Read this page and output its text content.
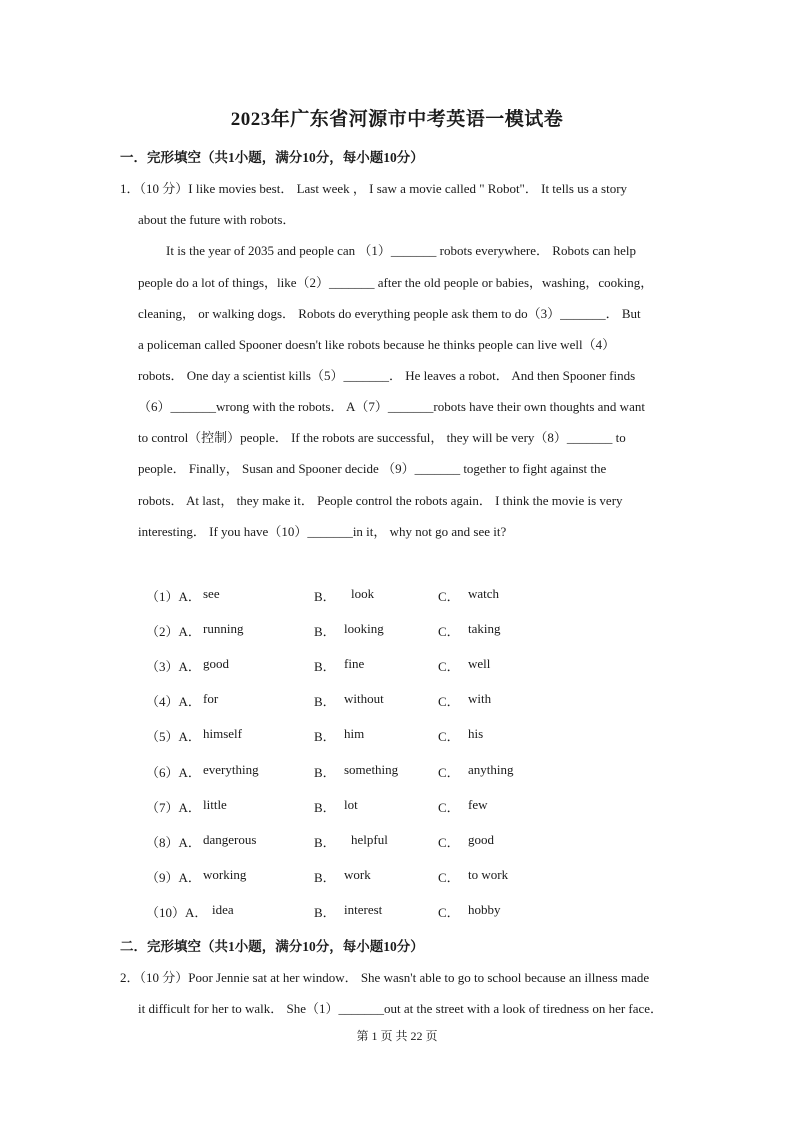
2023年广东省河源市中考英语一模试卷
一．完形填空（共1小题，满分10分，每小题10分）
1．（10 分）I like movies best． Last week ， I saw a movie called " Robot"． It tells us a story
about the future with robots．
It is the year of 2035 and people can （1）_______ robots everywhere． Robots can help
people do a lot of things，like（2）_______ after the old people or babies，washing，cooking，
cleaning， or walking dogs． Robots do everything people ask them to do（3）_______． But
a policeman called Spooner doesn't like robots because he thinks people can live well（4）
robots． One day a scientist kills（5）_______． He leaves a robot． And then Spooner finds
（6）_______wrong with the robots． A（7）_______robots have their own thoughts and want
to control（控制）people． If the robots are successful， they will be very（8）_______ to
people． Finally， Susan and Spooner decide （9）_______ together to fight against the
robots． At last， they make it． People control the robots again． I think the movie is very
interesting． If you have（10）_______in it， why not go and see it?
（1）A． see	B． look	C． watch
（2）A． running	B． looking	C． taking
（3）A． good	B． fine	C． well
（4）A． for	B． without	C． with
（5）A． himself	B． him	C． his
（6）A． everything	B． something	C． anything
（7）A． little	B． lot	C． few
（8）A． dangerous	B． helpful	C． good
（9）A． working	B． work	C． to work
（10）A． idea	B． interest	C． hobby
二．完形填空（共1小题，满分10分，每小题10分）
2．（10 分）Poor Jennie sat at her window． She wasn't able to go to school because an illness made
it difficult for her to walk． She（1）_______out at the street with a look of tiredness on her face．
第 1 页 共 22 页
